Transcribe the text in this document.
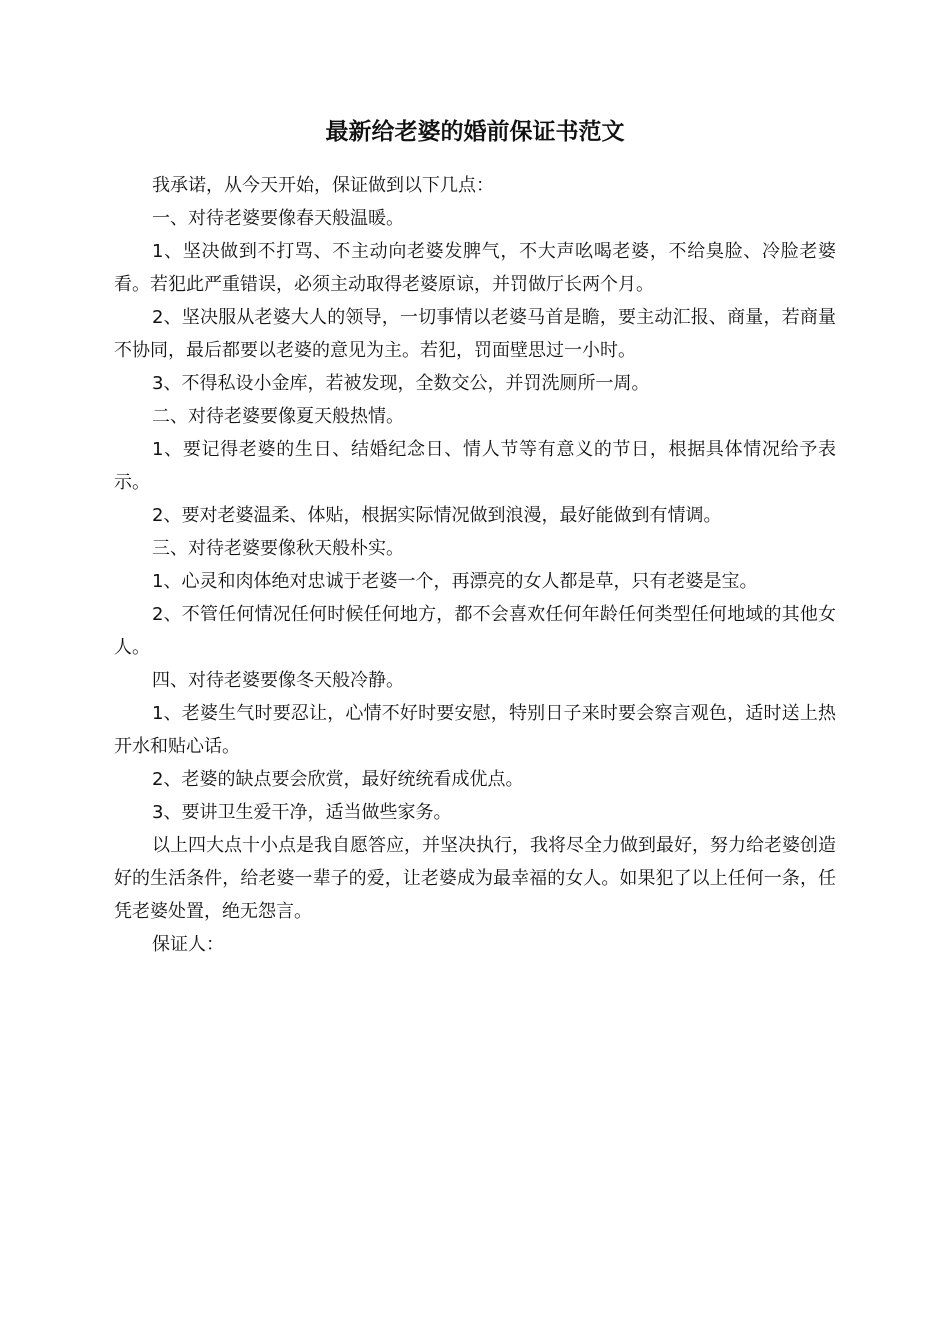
最新给老婆的婚前保证书范文

我承诺，从今天开始，保证做到以下几点：

一、对待老婆要像春天般温暖。

1、坚决做到不打骂、不主动向老婆发脾气，不大声吆喝老婆，不给臭脸、冷脸老婆看。若犯此严重错误，必须主动取得老婆原谅，并罚做厅长两个月。

2、坚决服从老婆大人的领导，一切事情以老婆马首是瞻，要主动汇报、商量，若商量不协同，最后都要以老婆的意见为主。若犯，罚面壁思过一小时。

3、不得私设小金库，若被发现，全数交公，并罚洗厕所一周。

二、对待老婆要像夏天般热情。

1、要记得老婆的生日、结婚纪念日、情人节等有意义的节日，根据具体情况给予表示。

2、要对老婆温柔、体贴，根据实际情况做到浪漫，最好能做到有情调。

三、对待老婆要像秋天般朴实。

1、心灵和肉体绝对忠诚于老婆一个，再漂亮的女人都是草，只有老婆是宝。

2、不管任何情况任何时候任何地方，都不会喜欢任何年龄任何类型任何地域的其他女人。

四、对待老婆要像冬天般冷静。

1、老婆生气时要忍让，心情不好时要安慰，特别日子来时要会察言观色，适时送上热开水和贴心话。

2、老婆的缺点要会欣赏，最好统统看成优点。

3、要讲卫生爱干净，适当做些家务。

以上四大点十小点是我自愿答应，并坚决执行，我将尽全力做到最好，努力给老婆创造好的生活条件，给老婆一辈子的爱，让老婆成为最幸福的女人。如果犯了以上任何一条，任凭老婆处置，绝无怨言。

保证人：
